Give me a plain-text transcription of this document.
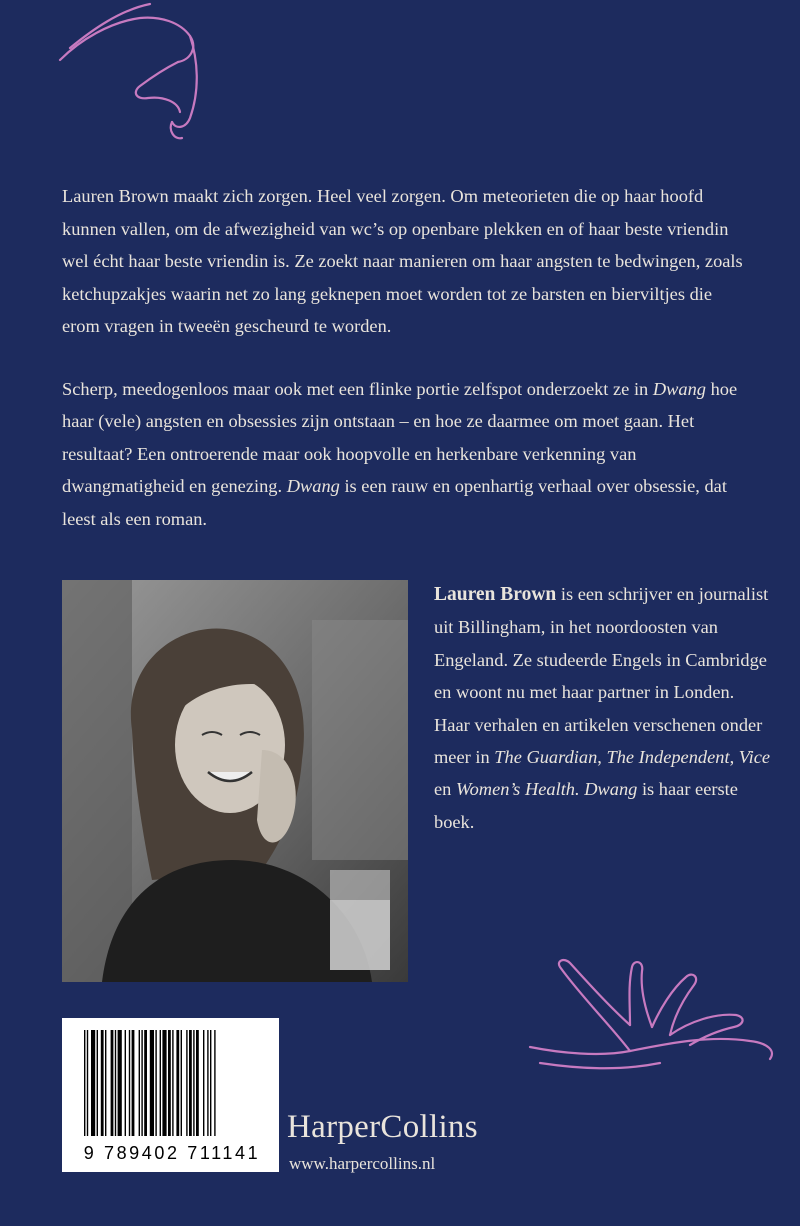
Lauren Brown maakt zich zorgen. Heel veel zorgen. Om meteorieten die op haar hoofd kunnen vallen, om de afwezigheid van wc’s op openbare plekken en of haar beste vriendin wel écht haar beste vriendin is. Ze zoekt naar manieren om haar angsten te bedwingen, zoals ketchupzakjes waarin net zo lang geknepen moet worden tot ze barsten en bierviltjes die erom vragen in tweeën gescheurd te worden.

Scherp, meedogenloos maar ook met een flinke portie zelfspot onderzoekt ze in Dwang hoe haar (vele) angsten en obsessies zijn ontstaan – en hoe ze daarmee om moet gaan. Het resultaat? Een ontroerende maar ook hoopvolle en herkenbare verkenning van dwangmatigheid en genezing. Dwang is een rauw en openhartig verhaal over obsessie, dat leest als een roman.

Lauren Brown is een schrijver en journalist uit Billingham, in het noordoosten van Engeland. Ze studeerde Engels in Cambridge en woont nu met haar partner in Londen. Haar verhalen en artikelen verschenen onder meer in The Guardian, The Independent, Vice en Women’s Health. Dwang is haar eerste boek.

9 789402 711141
HarperCollins
www.harpercollins.nl
